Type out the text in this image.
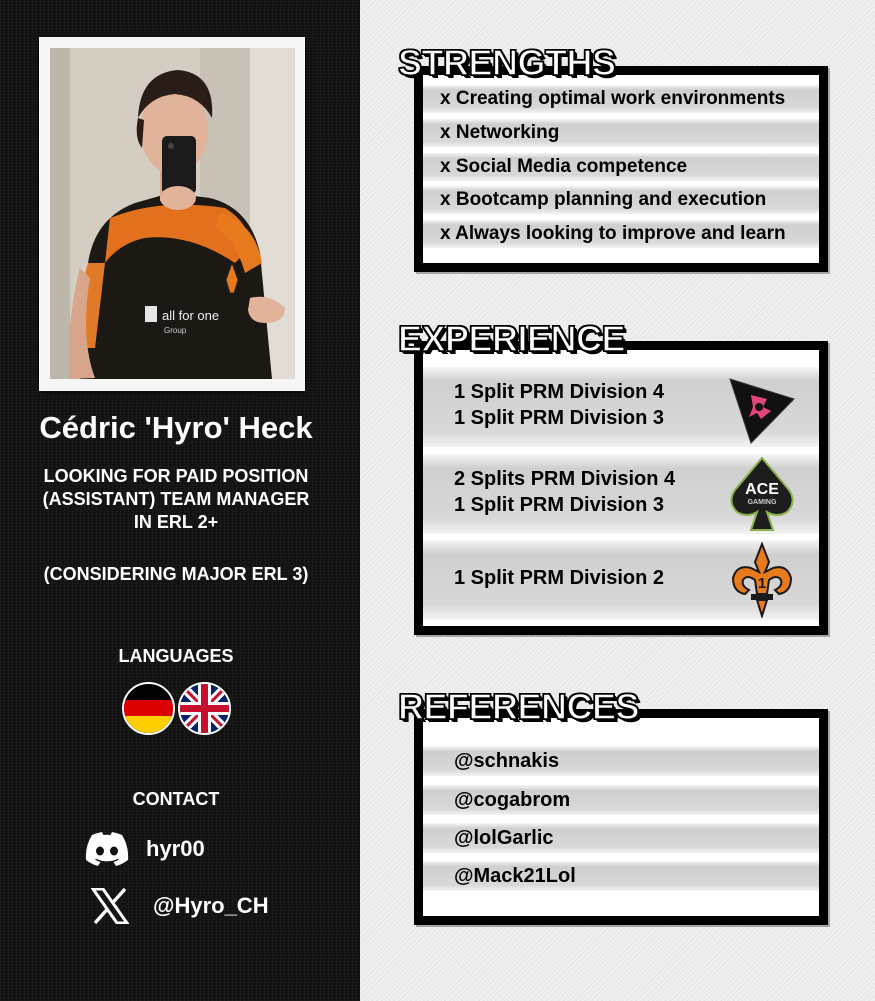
all for one
Group
Cédric 'Hyro' Heck
LOOKING FOR PAID POSITION
(ASSISTANT) TEAM MANAGER
IN ERL 2+
(CONSIDERING MAJOR ERL 3)
LANGUAGES
CONTACT
hyr00
@Hyro_CH
STRENGTHS
x Creating optimal work environments
x Networking
x Social Media competence
x Bootcamp planning and execution
x Always looking to improve and learn
EXPERIENCE
1 Split PRM Division 4
1 Split PRM Division 3
2 Splits PRM Division 4
1 Split PRM Division 3
ACE
GAMING
1 Split PRM Division 2	1
REFERENCES
@schnakis
@cogabrom
@lolGarlic
@Mack21Lol
